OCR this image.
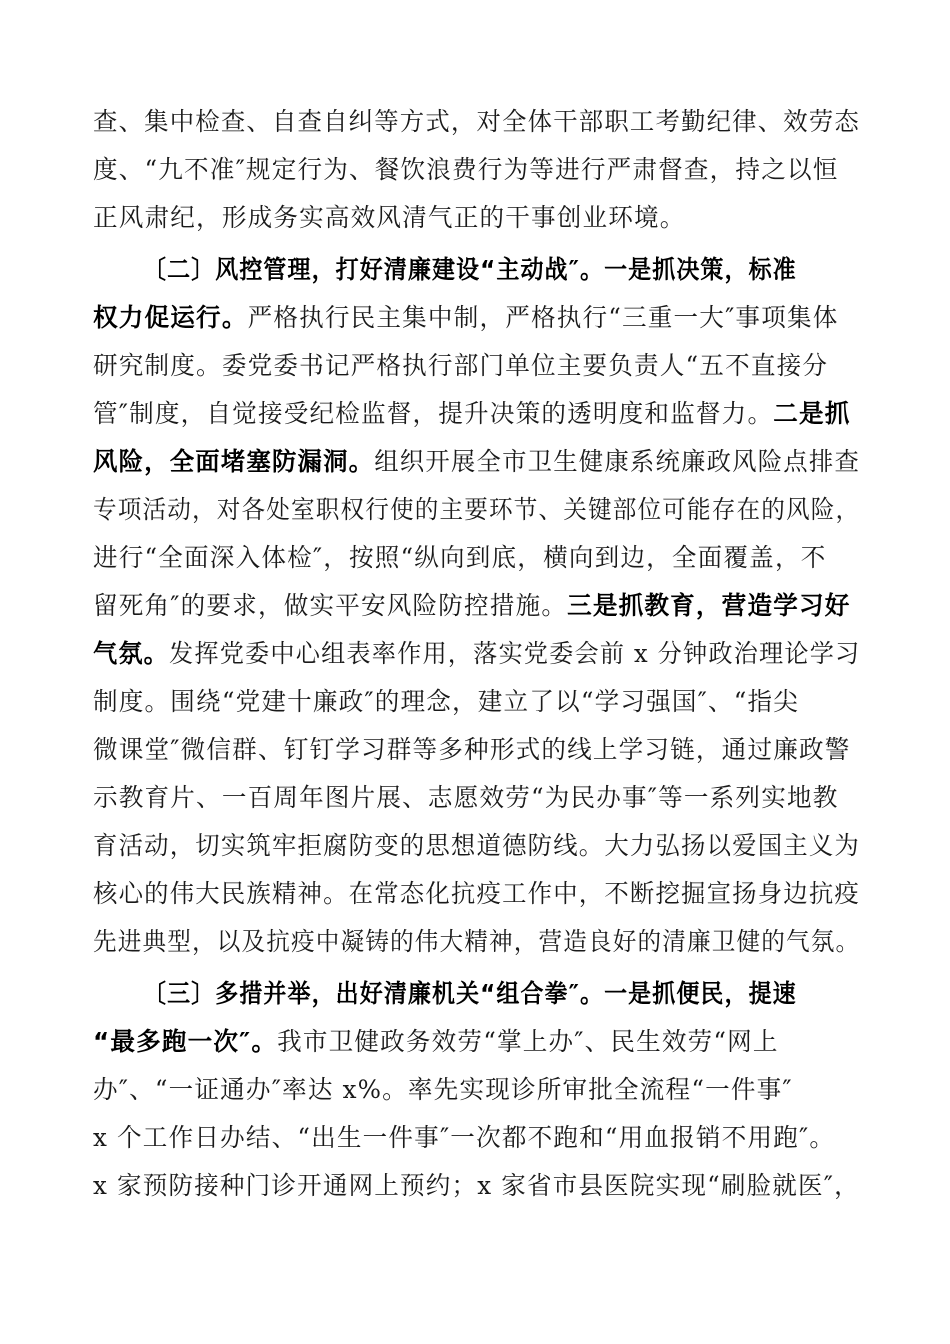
查、集中检查、自查自纠等方式，对全体干部职工考勤纪律、效劳态
度、“九不准″规定行为、餐饮浪费行为等进行严肃督查，持之以恒
正风肃纪，形成务实高效风清气正的干事创业环境。
〔二〕风控管理，打好清廉建设“主动战″。一是抓决策，标准
权力促运行。严格执行民主集中制，严格执行“三重一大″事项集体
研究制度。委党委书记严格执行部门单位主要负责人“五不直接分
管″制度，自觉接受纪检监督，提升决策的透明度和监督力。二是抓
风险，全面堵塞防漏洞。组织开展全市卫生健康系统廉政风险点排查
专项活动，对各处室职权行使的主要环节、关键部位可能存在的风险，
进行“全面深入体检″，按照“纵向到底，横向到边，全面覆盖，不
留死角″的要求，做实平安风险防控措施。三是抓教育，营造学习好
气氛。发挥党委中心组表率作用，落实党委会前 x 分钟政治理论学习
制度。围绕“党建十廉政″的理念，建立了以“学习强国″、“指尖
微课堂″微信群、钉钉学习群等多种形式的线上学习链，通过廉政警
示教育片、一百周年图片展、志愿效劳“为民办事″等一系列实地教
育活动，切实筑牢拒腐防变的思想道德防线。大力弘扬以爱国主义为
核心的伟大民族精神。在常态化抗疫工作中，不断挖掘宣扬身边抗疫
先进典型，以及抗疫中凝铸的伟大精神，营造良好的清廉卫健的气氛。
〔三〕多措并举，出好清廉机关“组合拳″。一是抓便民，提速
“最多跑一次″。我市卫健政务效劳“掌上办″、民生效劳“网上
办″、“一证通办″率达 x%。率先实现诊所审批全流程“一件事″
x 个工作日办结、“出生一件事″一次都不跑和“用血报销不用跑″。
x 家预防接种门诊开通网上预约；x 家省市县医院实现“刷脸就医″，
